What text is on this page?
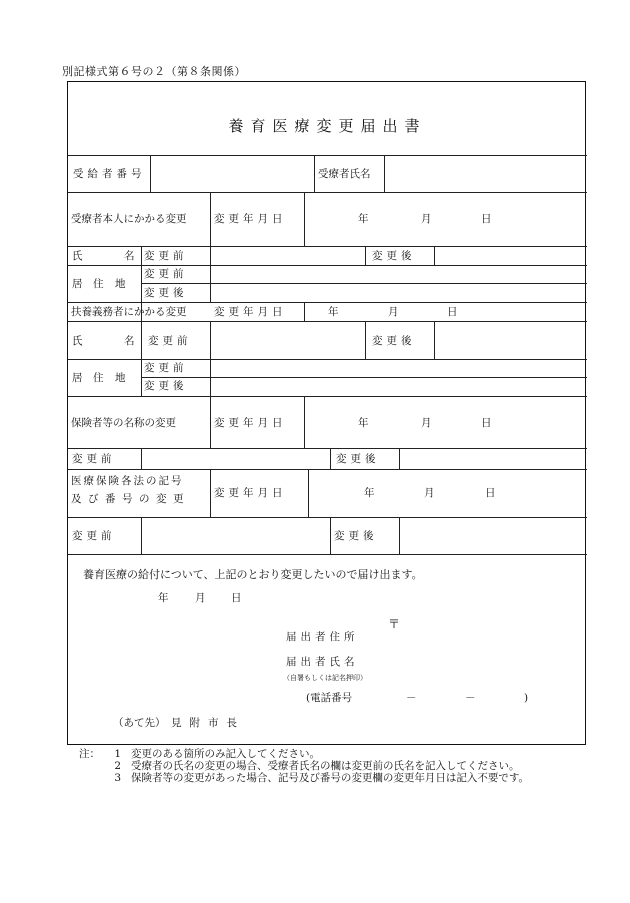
別記様式第６号の２（第８条関係）
養育医療変更届出書
受給者番号	受療者氏名
受療者本人にかかる変更	変更年月日	年	月	日
氏	名 変更前	変更後
居 住 地
変更前
変更後
扶養義務者にかかる変更	変更年月日	年	月	日
氏	名 変更前	変更後
居 住 地
変更前
変更後
保険者等の名称の変更	変更年月日	年	月	日
変更前	変更後
医療保険各法の記号
及び番号の変更 変更年月日	年	月	日
変更前	変更後
養育医療の給付について、上記のとおり変更したいので届け出ます。
年	月 日
〒
届出者住所
届出者氏名
（自署もしくは記名押印）
(電話番号	－	－	)
（あて先） 見附市長
注：	1 変更のある箇所のみ記入してください。
2 受療者の氏名の変更の場合、受療者氏名の欄は変更前の氏名を記入してください。
3 保険者等の変更があった場合、記号及び番号の変更欄の変更年月日は記入不要です。
